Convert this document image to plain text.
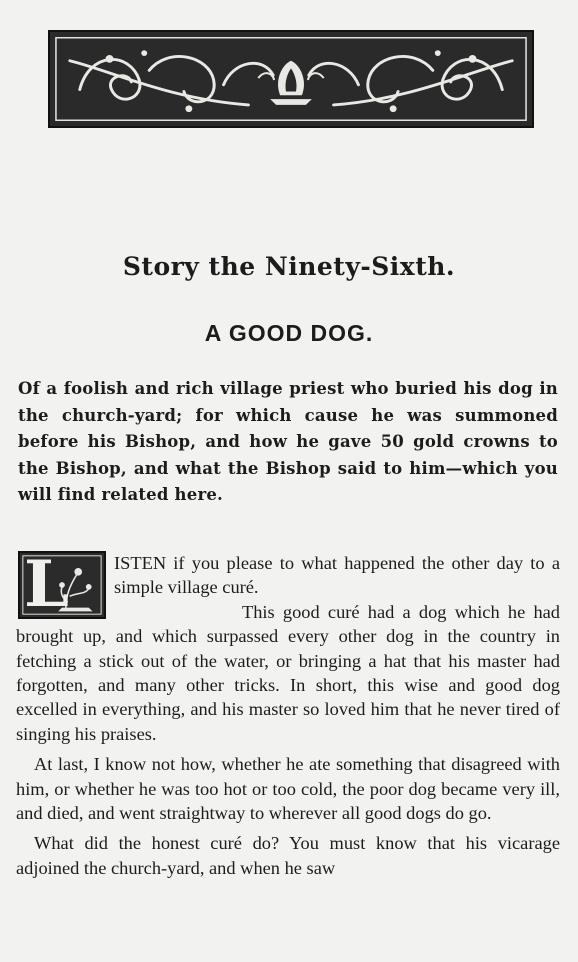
Story the Ninety-Sixth.
A GOOD DOG.

Of a foolish and rich village priest who buried his dog in the church-yard; for which cause he was summoned before his Bishop, and how he gave 50 gold crowns to the Bishop, and what the Bishop said to him—which you will find related here.

L	ISTEN if you please to what happened the other day to a simple village curé.

This good curé had a dog which he had brought up, and which surpassed every other dog in the country in fetching a stick out of the water, or bringing a hat that his master had forgotten, and many other tricks. In short, this wise and good dog excelled in everything, and his master so loved him that he never tired of singing his praises.

At last, I know not how, whether he ate something that disagreed with him, or whether he was too hot or too cold, the poor dog became very ill, and died, and went straightway to wherever all good dogs do go.

What did the honest curé do? You must know that his vicarage adjoined the church-yard, and when he saw
